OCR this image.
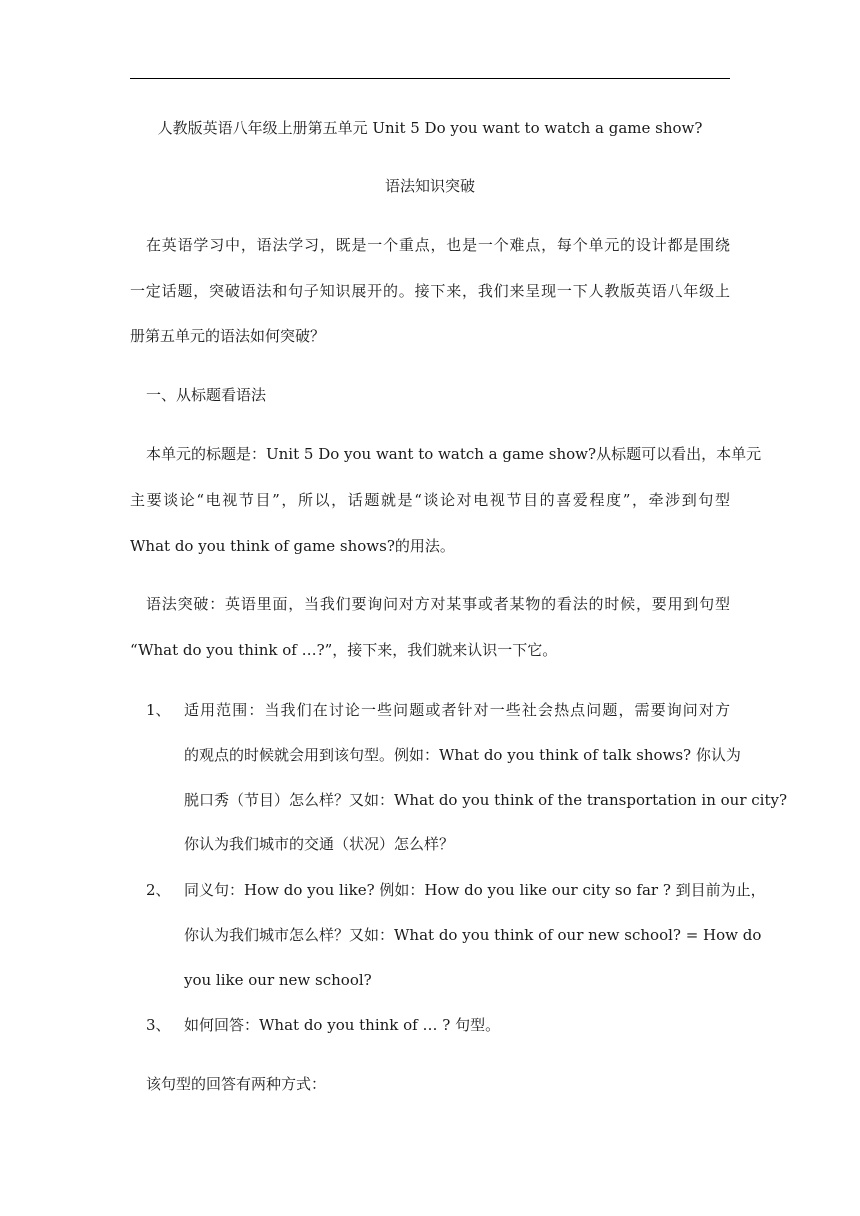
人教版英语八年级上册第五单元 Unit 5 Do you want to watch a game show?

语法知识突破

在英语学习中，语法学习，既是一个重点，也是一个难点，每个单元的设计都是围绕

一定话题，突破语法和句子知识展开的。接下来，我们来呈现一下人教版英语八年级上

册第五单元的语法如何突破？

一、从标题看语法

本单元的标题是：Unit 5 Do you want to watch a game show?从标题可以看出，本单元

主要谈论“电视节目”，所以，话题就是“谈论对电视节目的喜爱程度”，牵涉到句型

What do you think of game shows?的用法。

语法突破：英语里面，当我们要询问对方对某事或者某物的看法的时候，要用到句型

“What do you think of …?”，接下来，我们就来认识一下它。

1、 适用范围：当我们在讨论一些问题或者针对一些社会热点问题，需要询问对方

的观点的时候就会用到该句型。例如：What do you think of talk shows? 你认为

脱口秀（节目）怎么样？又如：What do you think of the transportation in our city?

你认为我们城市的交通（状况）怎么样？

2、 同义句：How do you like? 例如：How do you like our city so far ? 到目前为止，

你认为我们城市怎么样？又如：What do you think of our new school? = How do

you like our new school?

3、 如何回答：What do you think of … ? 句型。

该句型的回答有两种方式：
